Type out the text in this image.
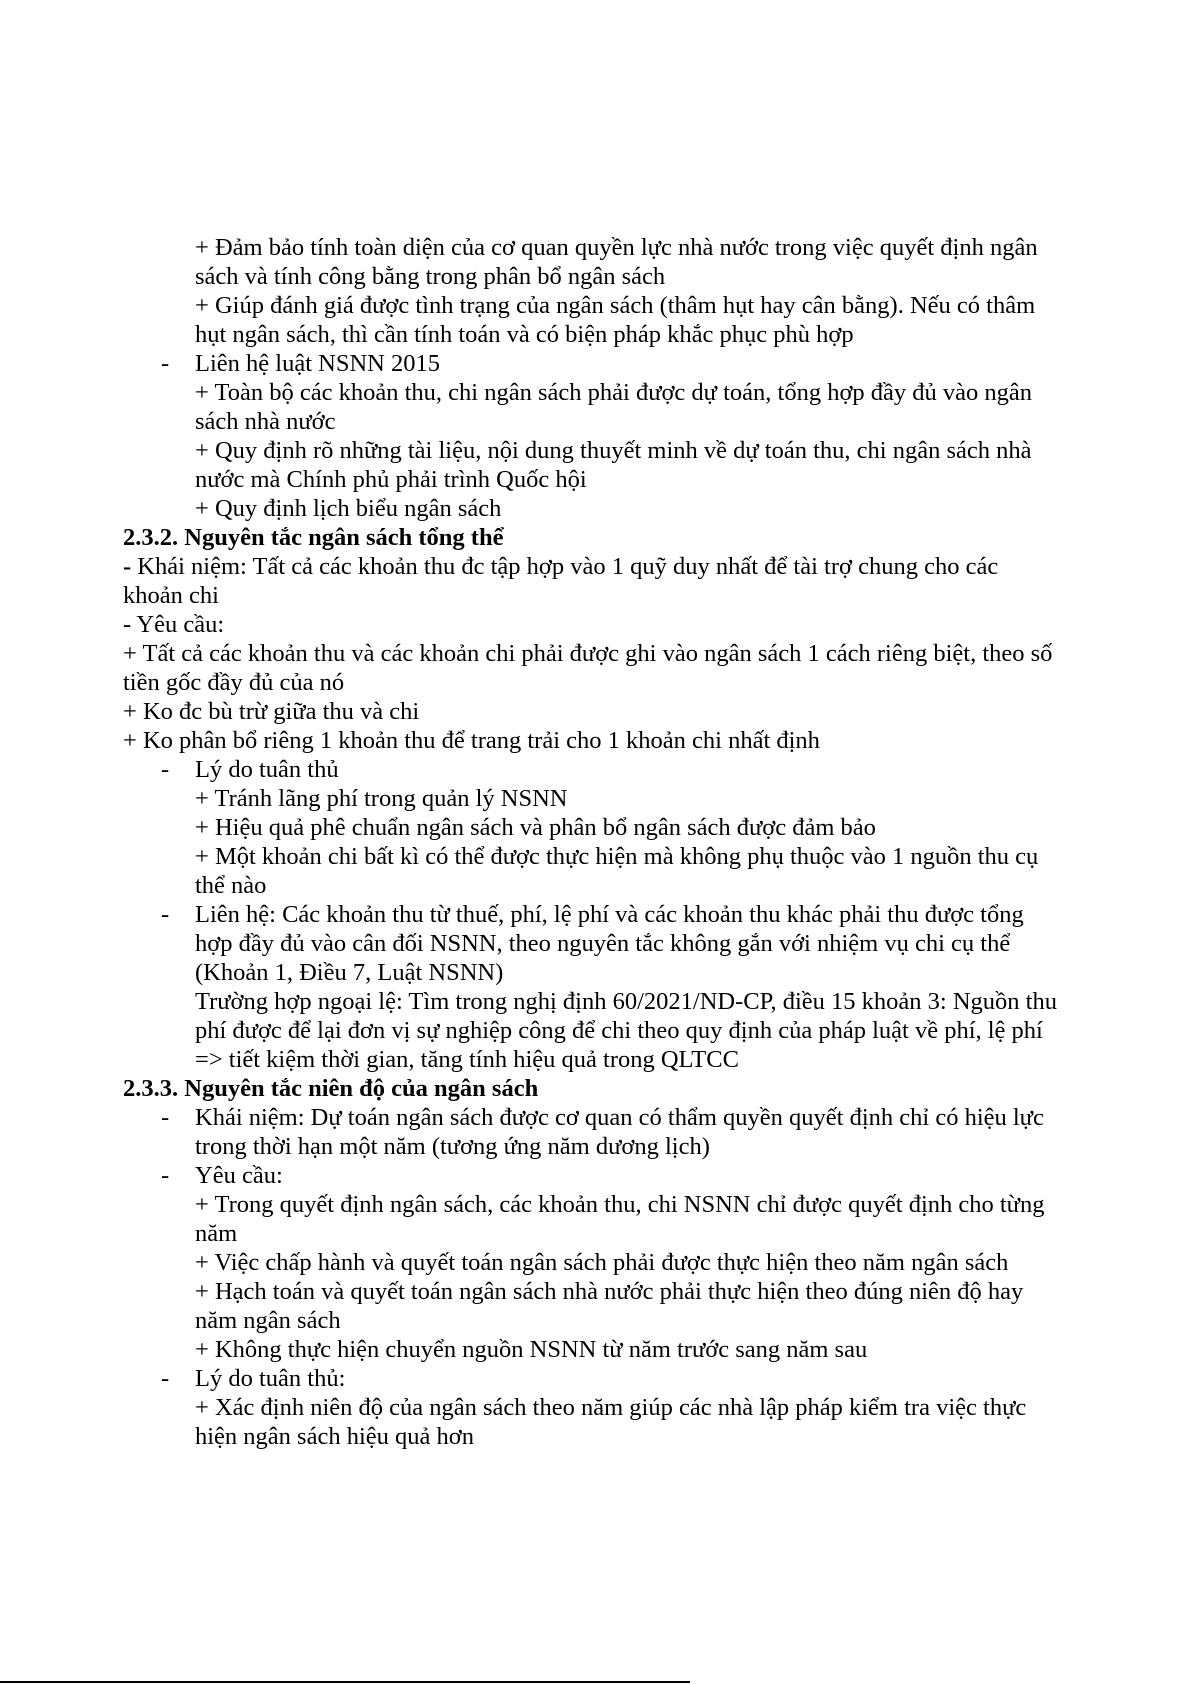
+ Đảm bảo tính toàn diện của cơ quan quyền lực nhà nước trong việc quyết định ngân

sách và tính công bằng trong phân bổ ngân sách

+ Giúp đánh giá được tình trạng của ngân sách (thâm hụt hay cân bằng). Nếu có thâm

hụt ngân sách, thì cần tính toán và có biện pháp khắc phục phù hợp

- Liên hệ luật NSNN 2015

+ Toàn bộ các khoản thu, chi ngân sách phải được dự toán, tổng hợp đầy đủ vào ngân

sách nhà nước

+ Quy định rõ những tài liệu, nội dung thuyết minh về dự toán thu, chi ngân sách nhà

nước mà Chính phủ phải trình Quốc hội

+ Quy định lịch biểu ngân sách

2.3.2. Nguyên tắc ngân sách tổng thể

- Khái niệm: Tất cả các khoản thu đc tập hợp vào 1 quỹ duy nhất để tài trợ chung cho các

khoản chi

- Yêu cầu:

+ Tất cả các khoản thu và các khoản chi phải được ghi vào ngân sách 1 cách riêng biệt, theo số

tiền gốc đầy đủ của nó

+ Ko đc bù trừ giữa thu và chi

+ Ko phân bổ riêng 1 khoản thu để trang trải cho 1 khoản chi nhất định

- Lý do tuân thủ

+ Tránh lãng phí trong quản lý NSNN

+ Hiệu quả phê chuẩn ngân sách và phân bổ ngân sách được đảm bảo

+ Một khoản chi bất kì có thể được thực hiện mà không phụ thuộc vào 1 nguồn thu cụ

thể nào

- Liên hệ: Các khoản thu từ thuế, phí, lệ phí và các khoản thu khác phải thu được tổng

hợp đầy đủ vào cân đối NSNN, theo nguyên tắc không gắn với nhiệm vụ chi cụ thể

(Khoản 1, Điều 7, Luật NSNN)

Trường hợp ngoại lệ: Tìm trong nghị định 60/2021/ND-CP, điều 15 khoản 3: Nguồn thu

phí được để lại đơn vị sự nghiệp công để chi theo quy định của pháp luật về phí, lệ phí

=> tiết kiệm thời gian, tăng tính hiệu quả trong QLTCC

2.3.3. Nguyên tắc niên độ của ngân sách

- Khái niệm: Dự toán ngân sách được cơ quan có thẩm quyền quyết định chỉ có hiệu lực

trong thời hạn một năm (tương ứng năm dương lịch)

- Yêu cầu:

+ Trong quyết định ngân sách, các khoản thu, chi NSNN chỉ được quyết định cho từng

năm

+ Việc chấp hành và quyết toán ngân sách phải được thực hiện theo năm ngân sách

+ Hạch toán và quyết toán ngân sách nhà nước phải thực hiện theo đúng niên độ hay

năm ngân sách

+ Không thực hiện chuyển nguồn NSNN từ năm trước sang năm sau

- Lý do tuân thủ:

+ Xác định niên độ của ngân sách theo năm giúp các nhà lập pháp kiểm tra việc thực

hiện ngân sách hiệu quả hơn
